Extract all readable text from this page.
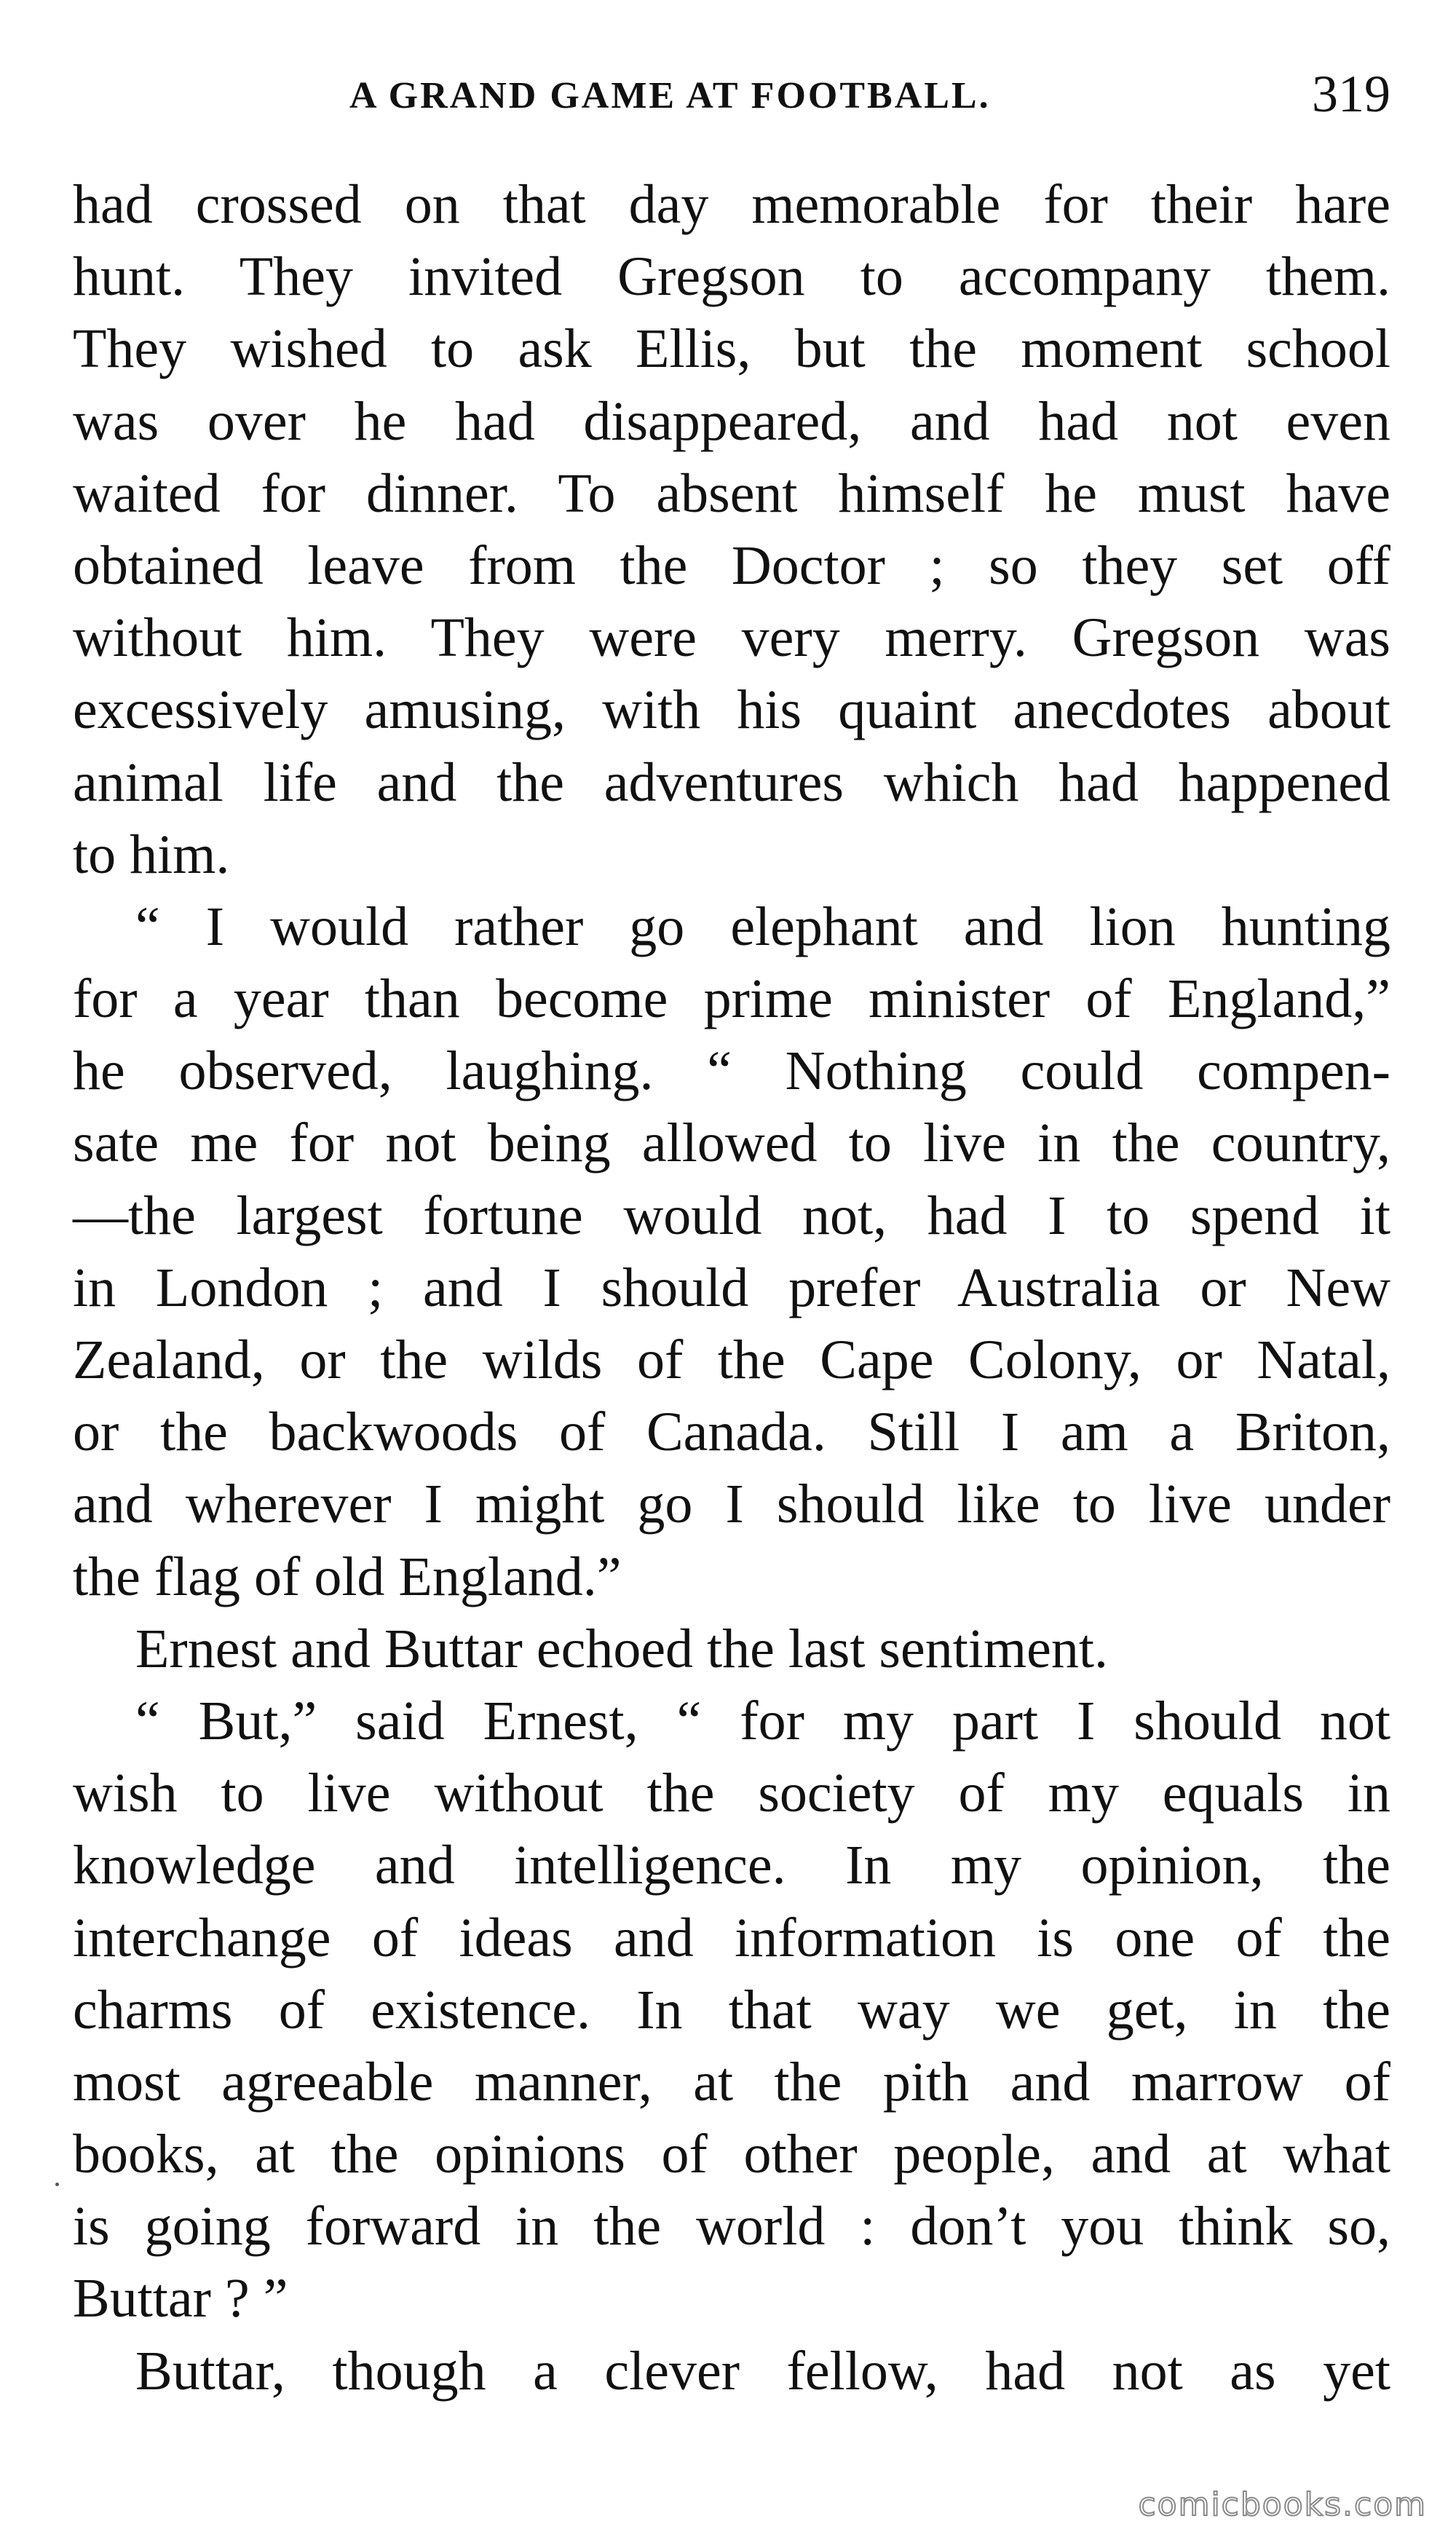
A GRAND GAME AT FOOTBALL.	319
had crossed on that day memorable for their hare
hunt. They invited Gregson to accompany them.
They wished to ask Ellis, but the moment school
was over he had disappeared, and had not even
waited for dinner. To absent himself he must have
obtained leave from the Doctor ; so they set off
without him. They were very merry. Gregson was
excessively amusing, with his quaint anecdotes about
animal life and the adventures which had happened
to him.
“ I would rather go elephant and lion hunting
for a year than become prime minister of England,”
he observed, laughing. “ Nothing could compen-
sate me for not being allowed to live in the country,
—the largest fortune would not, had I to spend it
in London ; and I should prefer Australia or New
Zealand, or the wilds of the Cape Colony, or Natal,
or the backwoods of Canada. Still I am a Briton,
and wherever I might go I should like to live under
the flag of old England.”
Ernest and Buttar echoed the last sentiment.
“ But,” said Ernest, “ for my part I should not
wish to live without the society of my equals in
knowledge and intelligence. In my opinion, the
interchange of ideas and information is one of the
charms of existence. In that way we get, in the
most agreeable manner, at the pith and marrow of
books, at the opinions of other people, and at what
is going forward in the world : don’t you think so,
Buttar ? ”
Buttar, though a clever fellow, had not as yet
comicbooks.com
